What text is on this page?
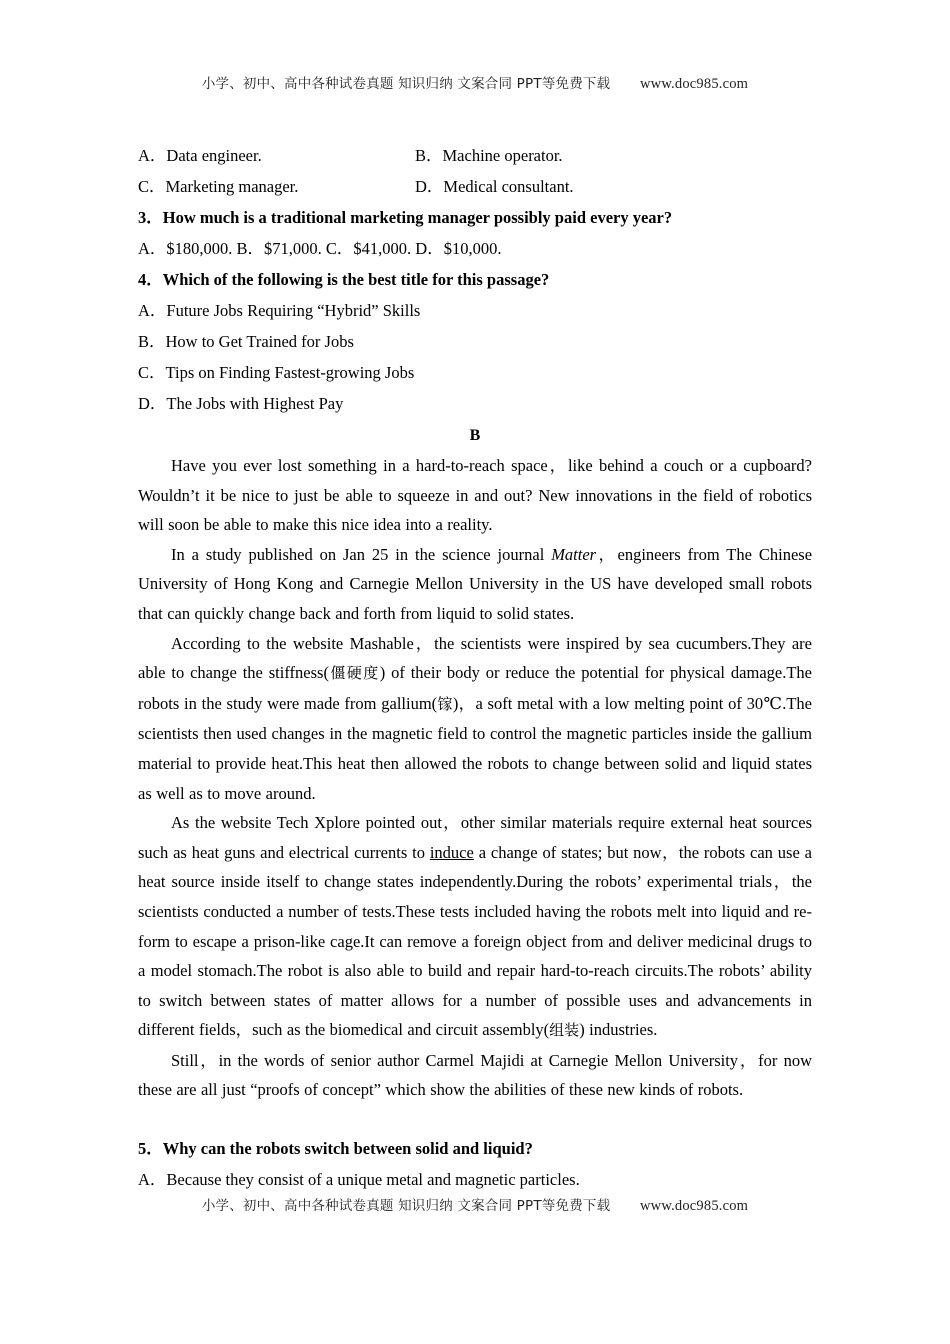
小学、初中、高中各种试卷真题 知识归纳 文案合同 PPT等免费下载 www.doc985.com
A．Data engineer.	B．Machine operator.
C．Marketing manager.	D．Medical consultant.

3．How much is a traditional marketing manager possibly paid every year?

A．$180,000. B．$71,000. C．$41,000. D．$10,000.

4．Which of the following is the best title for this passage?

A．Future Jobs Requiring “Hybrid” Skills

B．How to Get Trained for Jobs

C．Tips on Finding Fastest-growing Jobs

D．The Jobs with Highest Pay

B

Have you ever lost something in a hard-to-reach space，like behind a couch or a cupboard? Wouldn’t it be nice to just be able to squeeze in and out? New innovations in the field of robotics will soon be able to make this nice idea into a reality.

In a study published on Jan 25 in the science journal Matter，engineers from The Chinese University of Hong Kong and Carnegie Mellon University in the US have developed small robots that can quickly change back and forth from liquid to solid states.

According to the website Mashable，the scientists were inspired by sea cucumbers.They are able to change the stiffness(僵硬度) of their body or reduce the potential for physical damage.The robots in the study were made from gallium(镓)，a soft metal with a low melting point of 30℃.The scientists then used changes in the magnetic field to control the magnetic particles inside the gallium material to provide heat.This heat then allowed the robots to change between solid and liquid states as well as to move around.

As the website Tech Xplore pointed out，other similar materials require external heat sources such as heat guns and electrical currents to induce a change of states; but now，the robots can use a heat source inside itself to change states independently.During the robots’ experimental trials，the scientists conducted a number of tests.These tests included having the robots melt into liquid and re-form to escape a prison-like cage.It can remove a foreign object from and deliver medicinal drugs to a model stomach.The robot is also able to build and repair hard-to-reach circuits.The robots’ ability to switch between states of matter allows for a number of possible uses and advancements in different fields，such as the biomedical and circuit assembly(组装) industries.

Still，in the words of senior author Carmel Majidi at Carnegie Mellon University，for now these are all just “proofs of concept” which show the abilities of these new kinds of robots.

5．Why can the robots switch between solid and liquid?

A．Because they consist of a unique metal and magnetic particles.

小学、初中、高中各种试卷真题 知识归纳 文案合同 PPT等免费下载 www.doc985.com
